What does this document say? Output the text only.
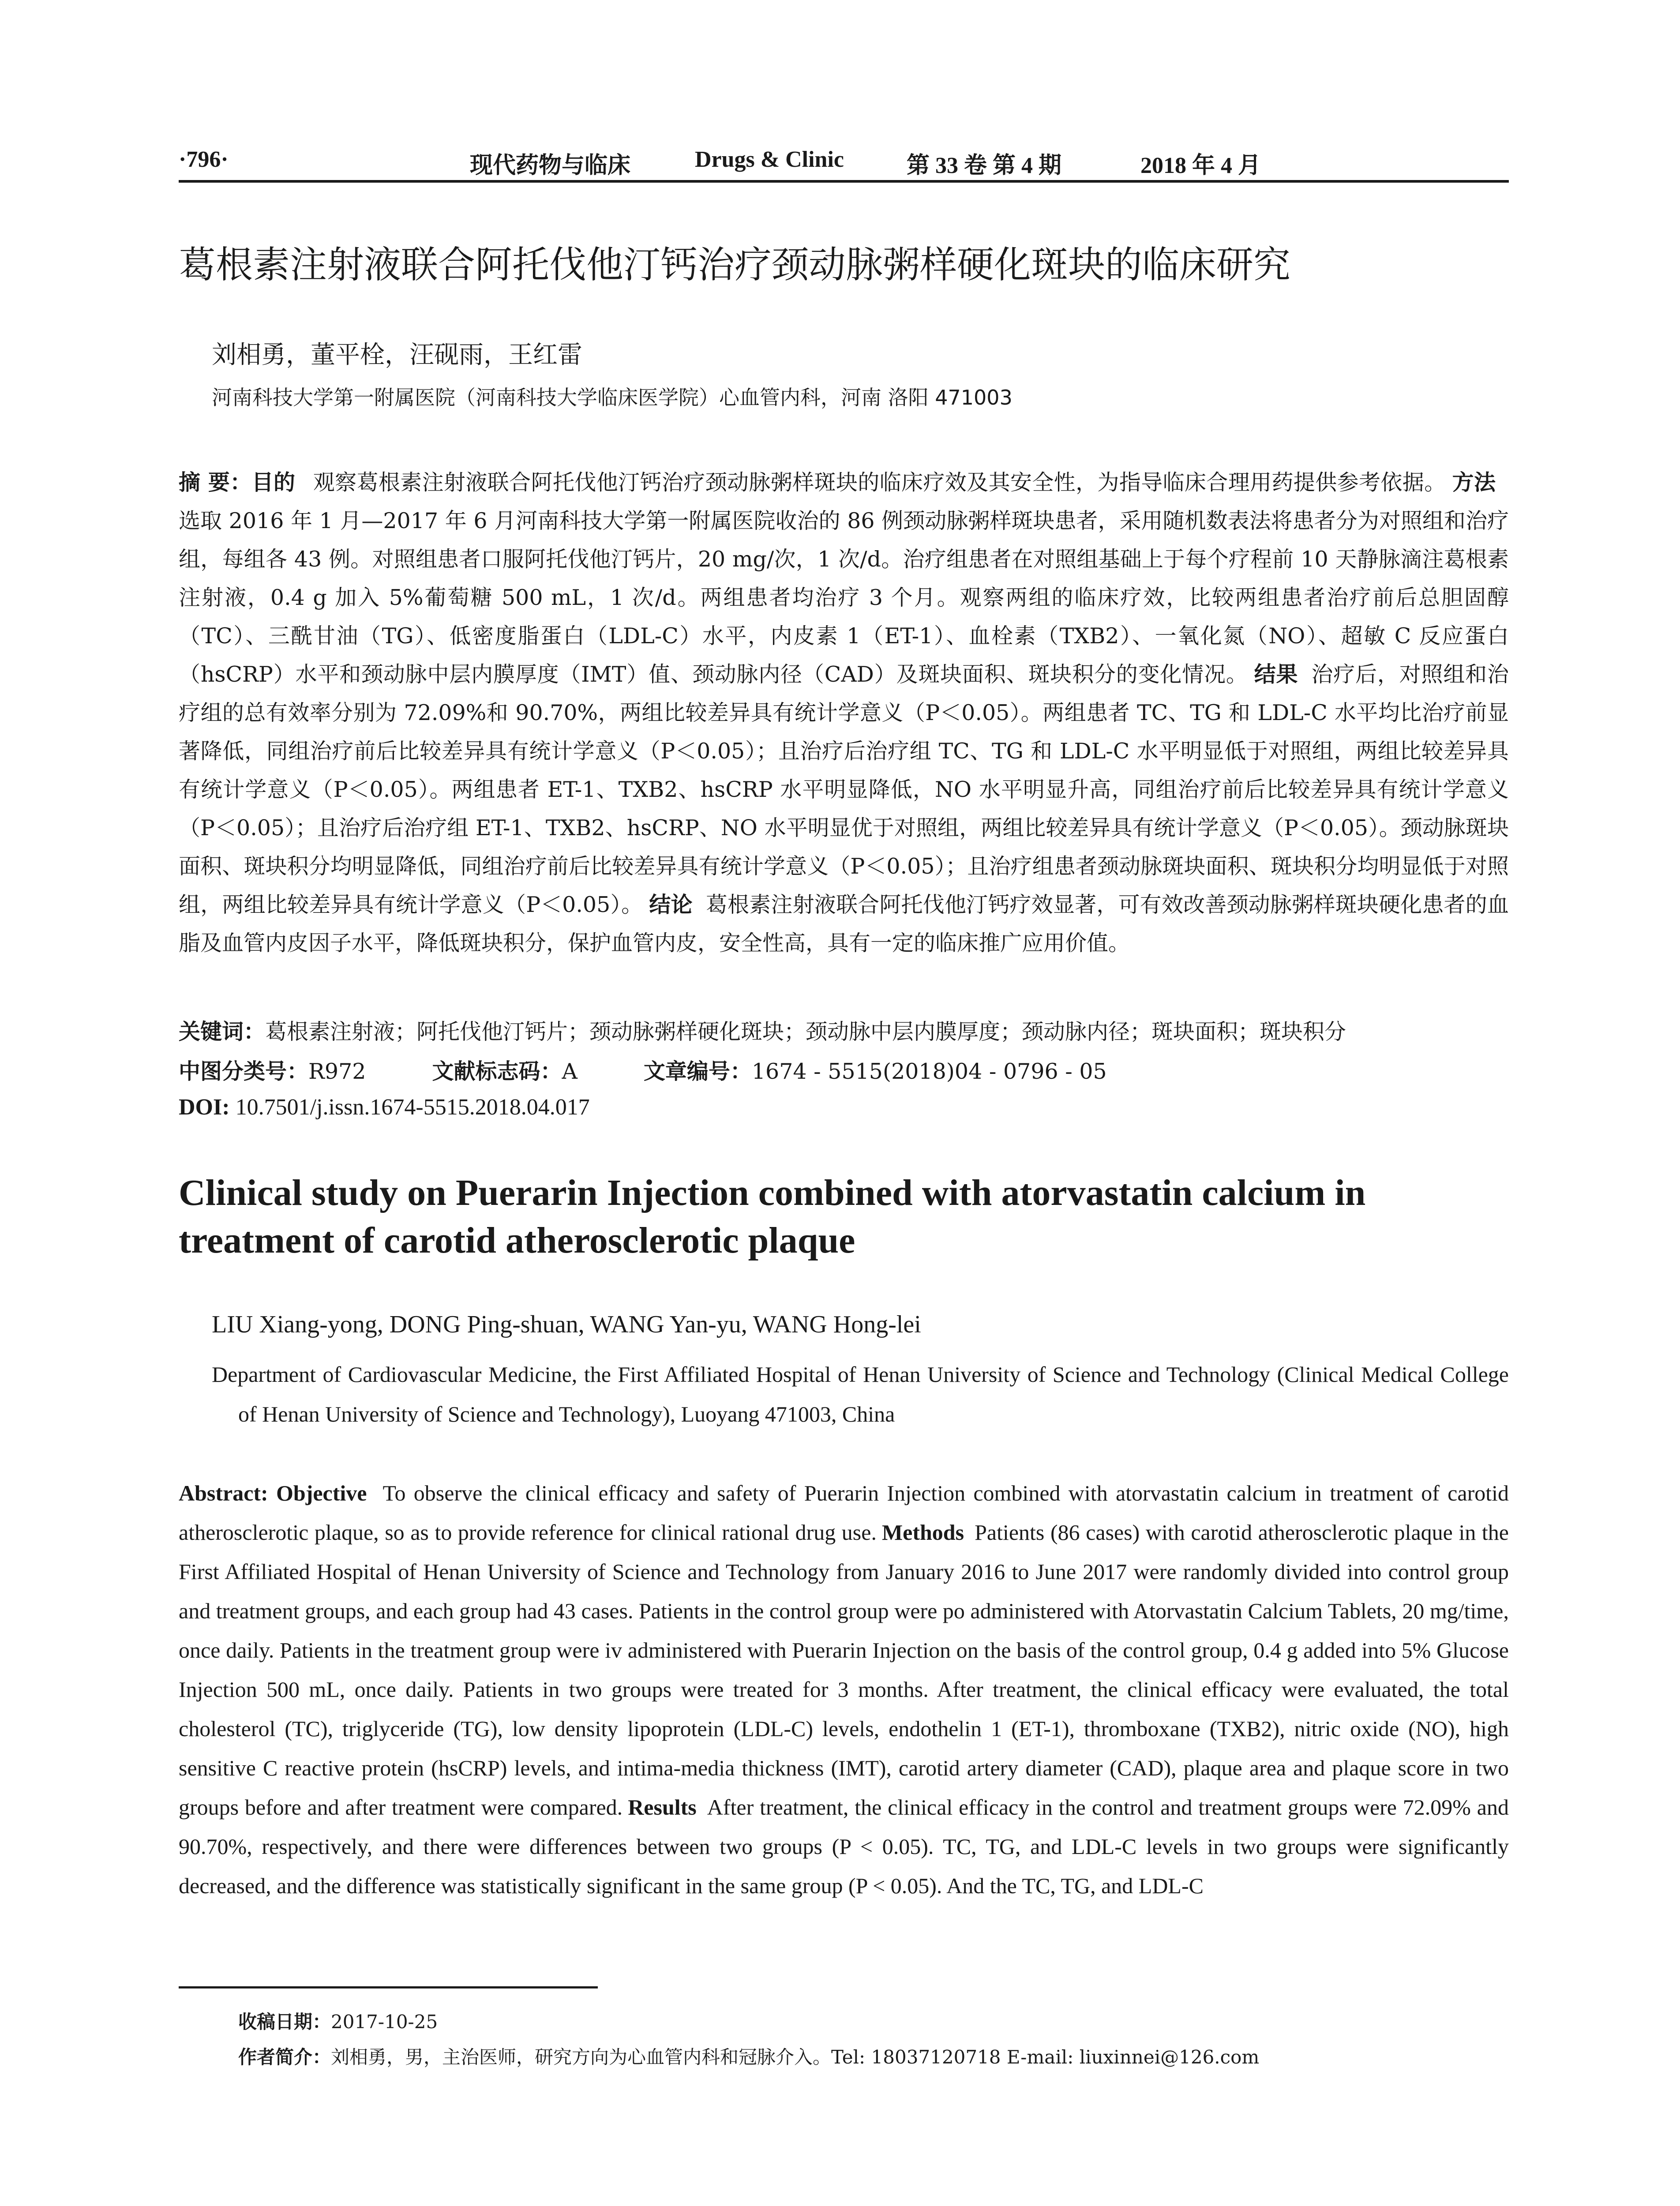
·796·	现代药物与临床	Drugs & Clinic	第 33 卷 第 4 期	2018 年 4 月
葛根素注射液联合阿托伐他汀钙治疗颈动脉粥样硬化斑块的临床研究
刘相勇，董平栓，汪砚雨，王红雷
河南科技大学第一附属医院（河南科技大学临床医学院）心血管内科，河南 洛阳 471003
摘 要：目的 观察葛根素注射液联合阿托伐他汀钙治疗颈动脉粥样斑块的临床疗效及其安全性，为指导临床合理用药提供参考依据。 方法选取 2016 年 1 月—2017 年 6 月河南科技大学第一附属医院收治的 86 例颈动脉粥样斑块患者，采用随机数表法将患者分为对照组和治疗组，每组各 43 例。对照组患者口服阿托伐他汀钙片，20 mg/次，1 次/d。治疗组患者在对照组基础上于每个疗程前 10 天静脉滴注葛根素注射液，0.4 g 加入 5%葡萄糖 500 mL，1 次/d。两组患者均治疗 3 个月。观察两组的临床疗效，比较两组患者治疗前后总胆固醇（TC）、三酰甘油（TG）、低密度脂蛋白（LDL-C）水平，内皮素 1（ET-1）、血栓素（TXB2）、一氧化氮（NO）、超敏 C 反应蛋白（hsCRP）水平和颈动脉中层内膜厚度（IMT）值、颈动脉内径（CAD）及斑块面积、斑块积分的变化情况。 结果 治疗后，对照组和治疗组的总有效率分别为 72.09%和 90.70%，两组比较差异具有统计学意义（P＜0.05）。两组患者 TC、TG 和 LDL-C 水平均比治疗前显著降低，同组治疗前后比较差异具有统计学意义（P＜0.05）；且治疗后治疗组 TC、TG 和 LDL-C 水平明显低于对照组，两组比较差异具有统计学意义（P＜0.05）。两组患者 ET-1、TXB2、hsCRP 水平明显降低，NO 水平明显升高，同组治疗前后比较差异具有统计学意义（P＜0.05）；且治疗后治疗组 ET-1、TXB2、hsCRP、NO 水平明显优于对照组，两组比较差异具有统计学意义（P＜0.05）。颈动脉斑块面积、斑块积分均明显降低，同组治疗前后比较差异具有统计学意义（P＜0.05）；且治疗组患者颈动脉斑块面积、斑块积分均明显低于对照组，两组比较差异具有统计学意义（P＜0.05）。 结论 葛根素注射液联合阿托伐他汀钙疗效显著，可有效改善颈动脉粥样斑块硬化患者的血脂及血管内皮因子水平，降低斑块积分，保护血管内皮，安全性高，具有一定的临床推广应用价值。
关键词：葛根素注射液；阿托伐他汀钙片；颈动脉粥样硬化斑块；颈动脉中层内膜厚度；颈动脉内径；斑块面积；斑块积分
中图分类号：R972	文献标志码：A	文章编号：1674 - 5515(2018)04 - 0796 - 05
DOI: 10.7501/j.issn.1674-5515.2018.04.017
Clinical study on Puerarin Injection combined with atorvastatin calcium in treatment of carotid atherosclerotic plaque
LIU Xiang-yong, DONG Ping-shuan, WANG Yan-yu, WANG Hong-lei
Department of Cardiovascular Medicine, the First Affiliated Hospital of Henan University of Science and Technology (Clinical Medical College of Henan University of Science and Technology), Luoyang 471003, China
Abstract: Objective To observe the clinical efficacy and safety of Puerarin Injection combined with atorvastatin calcium in treatment of carotid atherosclerotic plaque, so as to provide reference for clinical rational drug use. Methods Patients (86 cases) with carotid atherosclerotic plaque in the First Affiliated Hospital of Henan University of Science and Technology from January 2016 to June 2017 were randomly divided into control group and treatment groups, and each group had 43 cases. Patients in the control group were po administered with Atorvastatin Calcium Tablets, 20 mg/time, once daily. Patients in the treatment group were iv administered with Puerarin Injection on the basis of the control group, 0.4 g added into 5% Glucose Injection 500 mL, once daily. Patients in two groups were treated for 3 months. After treatment, the clinical efficacy were evaluated, the total cholesterol (TC), triglyceride (TG), low density lipoprotein (LDL-C) levels, endothelin 1 (ET-1), thromboxane (TXB2), nitric oxide (NO), high sensitive C reactive protein (hsCRP) levels, and intima-media thickness (IMT), carotid artery diameter (CAD), plaque area and plaque score in two groups before and after treatment were compared. Results After treatment, the clinical efficacy in the control and treatment groups were 72.09% and 90.70%, respectively, and there were differences between two groups (P < 0.05). TC, TG, and LDL-C levels in two groups were significantly decreased, and the difference was statistically significant in the same group (P < 0.05). And the TC, TG, and LDL-C
收稿日期：2017-10-25
作者简介：刘相勇，男，主治医师，研究方向为心血管内科和冠脉介入。Tel: 18037120718 E-mail: liuxinnei@126.com
